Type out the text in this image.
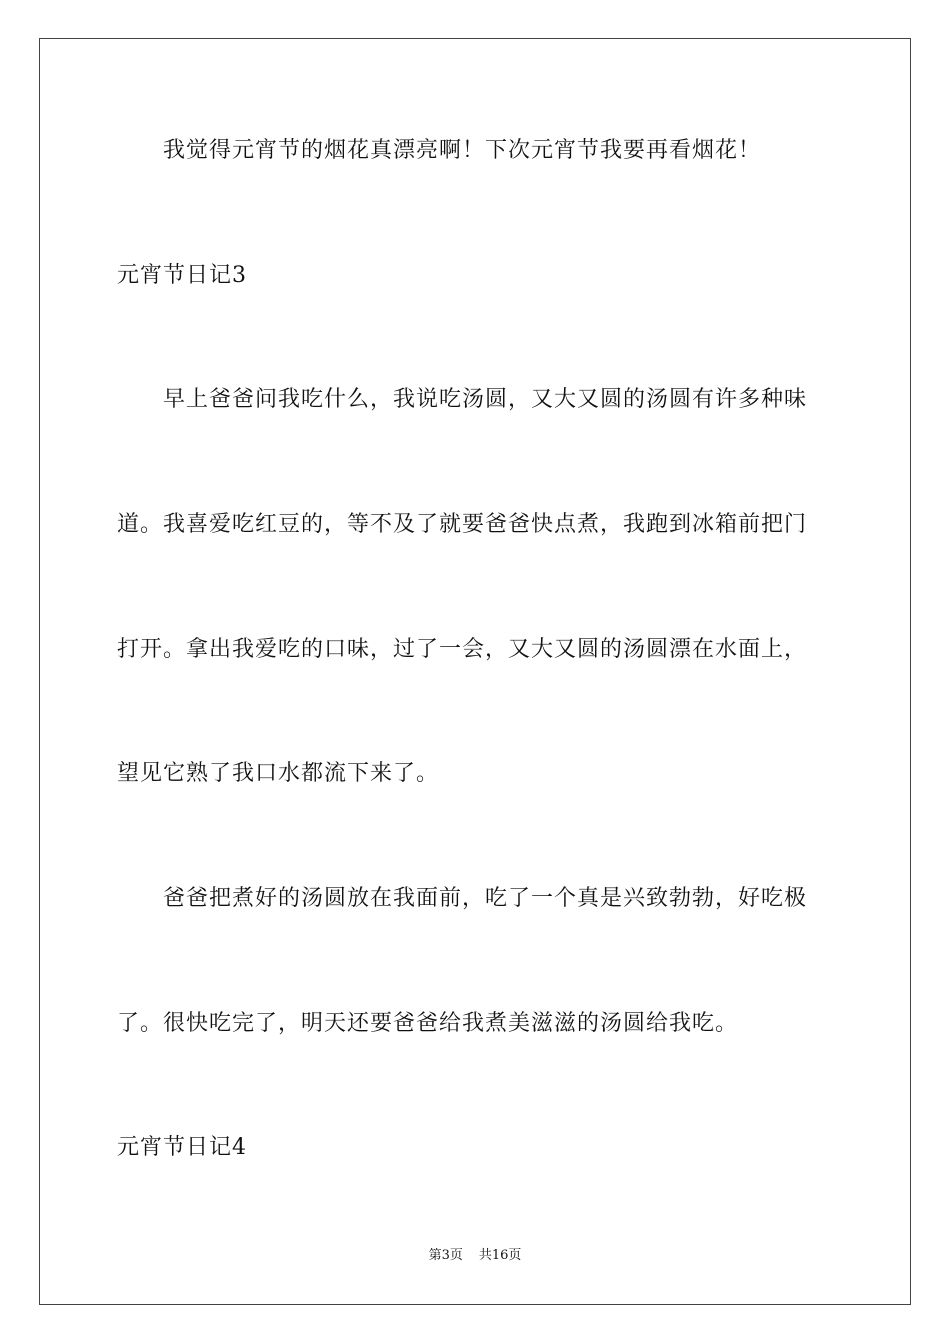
我觉得元宵节的烟花真漂亮啊！下次元宵节我要再看烟花！
元宵节日记3
早上爸爸问我吃什么，我说吃汤圆，又大又圆的汤圆有许多种味
道。我喜爱吃红豆的，等不及了就要爸爸快点煮，我跑到冰箱前把门
打开。拿出我爱吃的口味，过了一会，又大又圆的汤圆漂在水面上，
望见它熟了我口水都流下来了。
爸爸把煮好的汤圆放在我面前，吃了一个真是兴致勃勃，好吃极
了。很快吃完了，明天还要爸爸给我煮美滋滋的汤圆给我吃。
元宵节日记4
第3页 共16页
